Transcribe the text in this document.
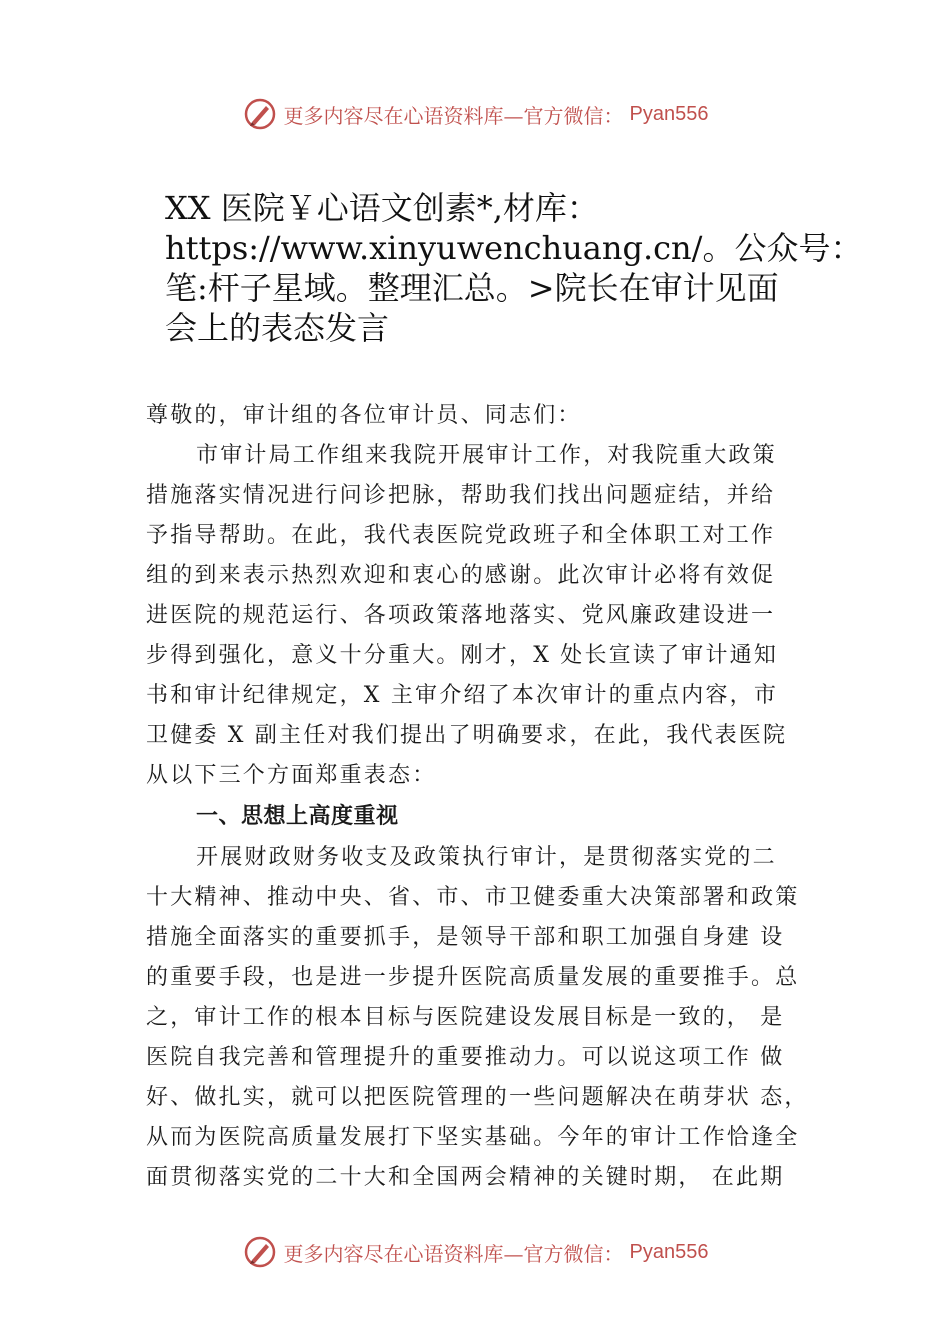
更多内容尽在心语资料库—官方微信： Pyan556
XX 医院￥心语文创素*,材库：
https://www.xinyuwenchuang.cn/。公众号：
笔:杆子星域。整理汇总。>院长在审计见面
会上的表态发言
尊敬的，审计组的各位审计员、同志们：
市审计局工作组来我院开展审计工作，对我院重大政策
措施落实情况进行问诊把脉，帮助我们找出问题症结，并给
予指导帮助。在此，我代表医院党政班子和全体职工对工作
组的到来表示热烈欢迎和衷心的感谢。此次审计必将有效促
进医院的规范运行、各项政策落地落实、党风廉政建设进一
步得到强化，意义十分重大。刚才，X 处长宣读了审计通知
书和审计纪律规定，X 主审介绍了本次审计的重点内容，市
卫健委 X 副主任对我们提出了明确要求，在此，我代表医院
从以下三个方面郑重表态：
一、思想上高度重视
开展财政财务收支及政策执行审计，是贯彻落实党的二
十大精神、推动中央、省、市、市卫健委重大决策部署和政策
措施全面落实的重要抓手，是领导干部和职工加强自身建 设
的重要手段，也是进一步提升医院高质量发展的重要推手。总
之，审计工作的根本目标与医院建设发展目标是一致的， 是
医院自我完善和管理提升的重要推动力。可以说这项工作 做
好、做扎实，就可以把医院管理的一些问题解决在萌芽状 态，
从而为医院高质量发展打下坚实基础。今年的审计工作恰逢全
面贯彻落实党的二十大和全国两会精神的关键时期， 在此期
更多内容尽在心语资料库—官方微信： Pyan556
